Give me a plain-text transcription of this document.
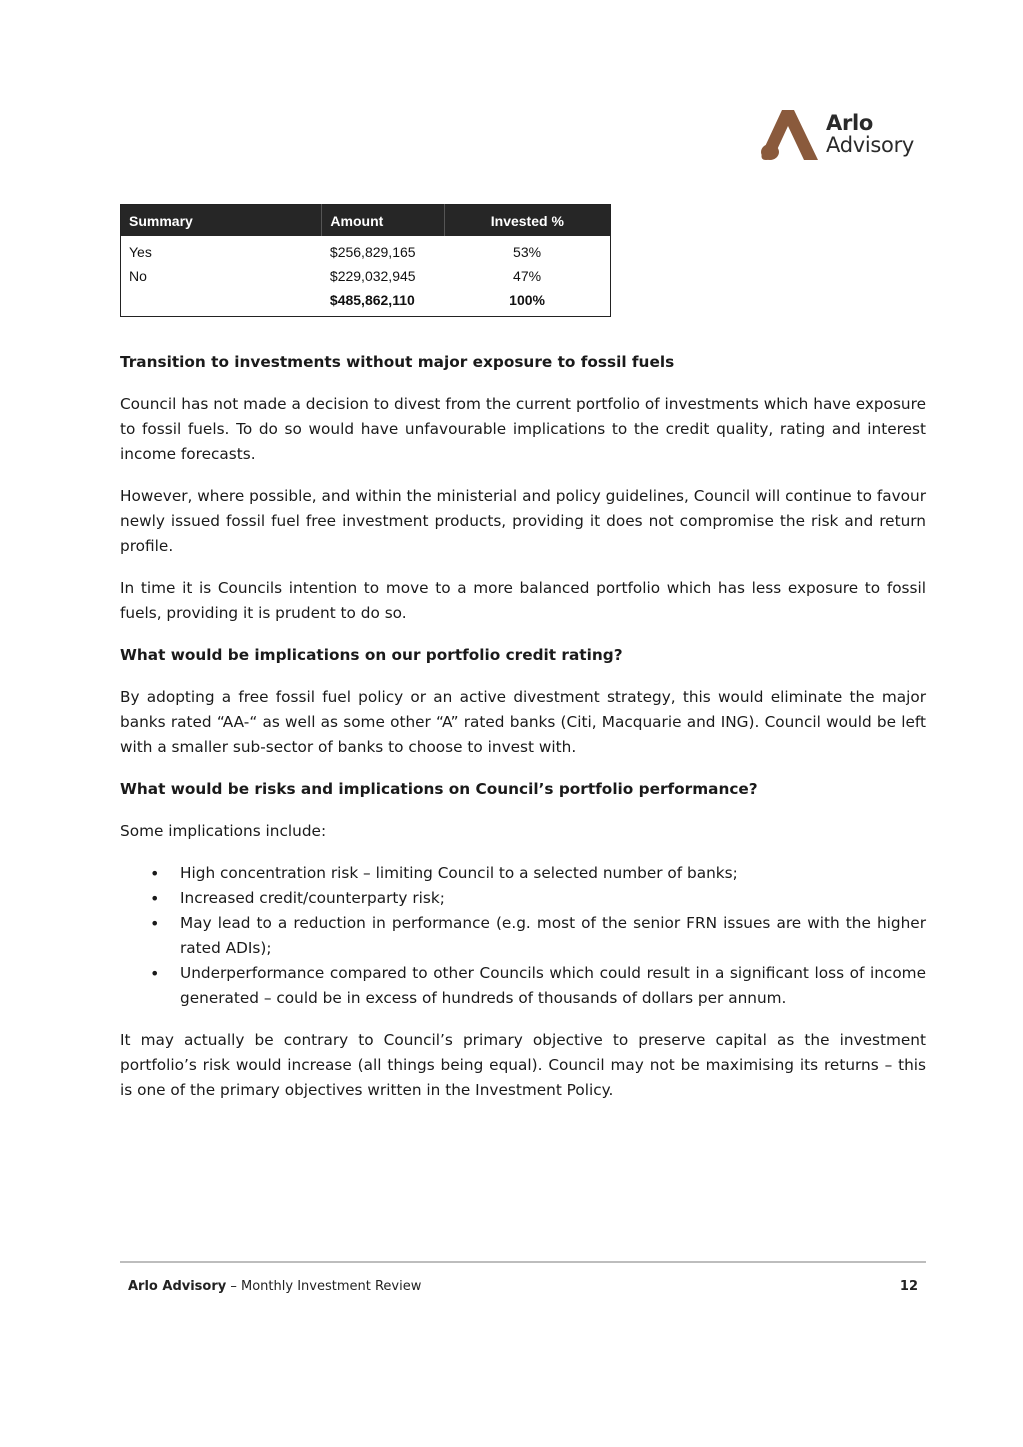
Arlo
Advisory
Summary	Amount	Invested %
Yes	$256,829,165	53%
No	$229,032,945	47%
	$485,862,110	100%
Transition to investments without major exposure to fossil fuels

Council has not made a decision to divest from the current portfolio of investments which have exposure to fossil fuels. To do so would have unfavourable implications to the credit quality, rating and interest income forecasts.

However, where possible, and within the ministerial and policy guidelines, Council will continue to favour newly issued fossil fuel free investment products, providing it does not compromise the risk and return profile.

In time it is Councils intention to move to a more balanced portfolio which has less exposure to fossil fuels, providing it is prudent to do so.

What would be implications on our portfolio credit rating?

By adopting a free fossil fuel policy or an active divestment strategy, this would eliminate the major banks rated “AA-“ as well as some other “A” rated banks (Citi, Macquarie and ING). Council would be left with a smaller sub-sector of banks to choose to invest with.

What would be risks and implications on Council’s portfolio performance?

Some implications include:

• High concentration risk – limiting Council to a selected number of banks;
• Increased credit/counterparty risk;
• May lead to a reduction in performance (e.g. most of the senior FRN issues are with the higher rated ADIs);
• Underperformance compared to other Councils which could result in a significant loss of income generated – could be in excess of hundreds of thousands of dollars per annum.

It may actually be contrary to Council’s primary objective to preserve capital as the investment portfolio’s risk would increase (all things being equal). Council may not be maximising its returns – this is one of the primary objectives written in the Investment Policy.

Arlo Advisory – Monthly Investment Review	12
